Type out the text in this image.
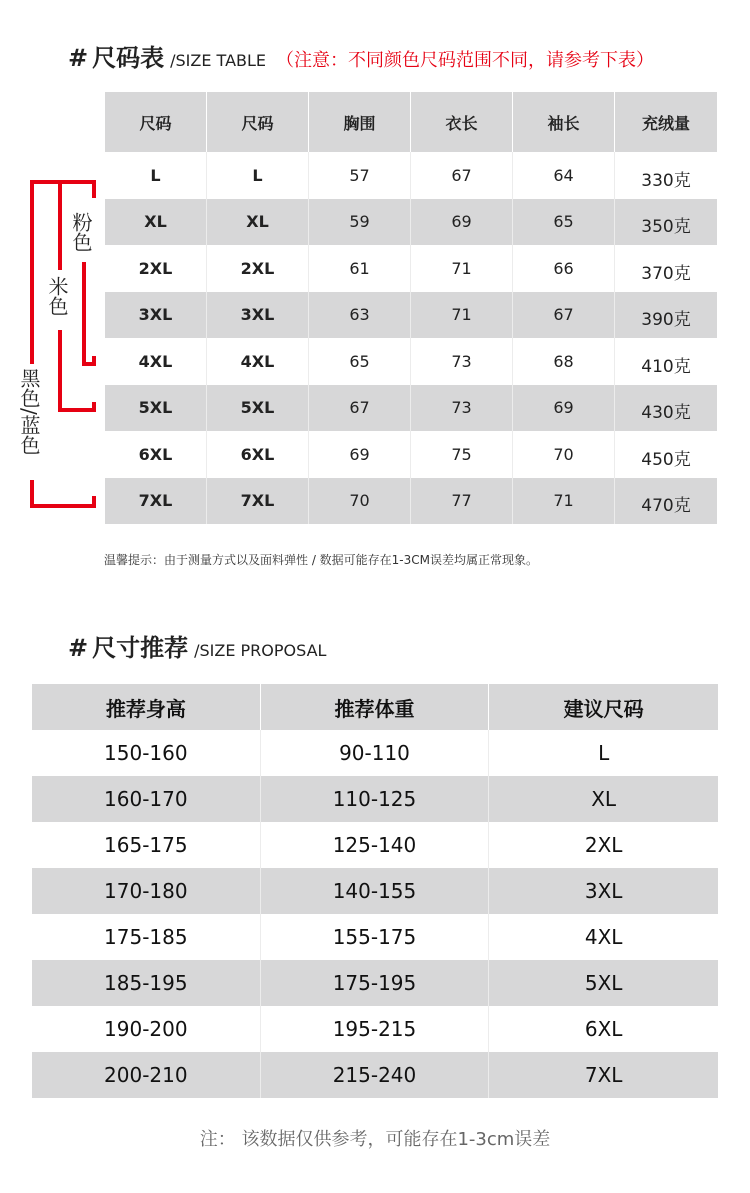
# 尺码表 /SIZE TABLE （注意：不同颜色尺码范围不同，请参考下表）
尺码	尺码	胸围	衣长	袖长	充绒量
L	L	57	67	64	330克
XL	XL	59	69	65	350克
2XL	2XL	61	71	66	370克
3XL	3XL	63	71	67	390克
4XL	4XL	65	73	68	410克
5XL	5XL	67	73	69	430克
6XL	6XL	69	75	70	450克
7XL	7XL	70	77	71	470克
粉色
米色
黑色/蓝色
温馨提示：由于测量方式以及面料弹性 / 数据可能存在1-3CM误差均属正常现象。
# 尺寸推荐 /SIZE PROPOSAL
推荐身高	推荐体重	建议尺码
150-160	90-110	L
160-170	110-125	XL
165-175	125-140	2XL
170-180	140-155	3XL
175-185	155-175	4XL
185-195	175-195	5XL
190-200	195-215	6XL
200-210	215-240	7XL
注： 该数据仅供参考，可能存在1-3cm误差
